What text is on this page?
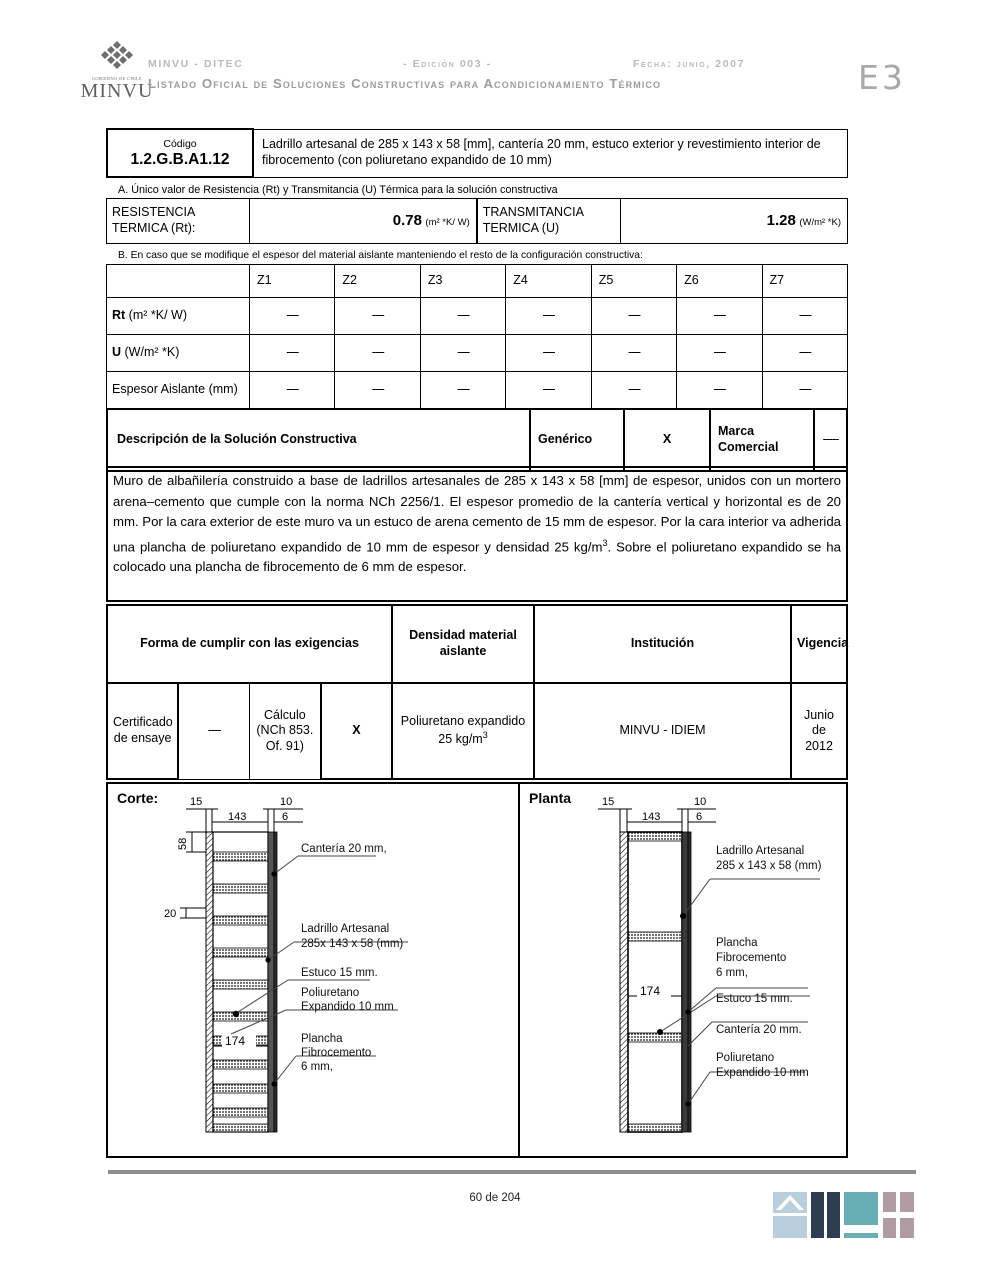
GOBIERNO DE CHILE
MINVU
MINVU - DITEC	- Edición 003 -	Fecha: junio, 2007
Listado Oficial de Soluciones Constructivas para Acondicionamiento Térmico	E3
Código
1.2.G.B.A1.12
	Ladrillo artesanal de 285 x 143 x 58 [mm], cantería 20 mm, estuco exterior y revestimiento interior de fibrocemento (con poliuretano expandido de 10 mm)
A. Único valor de Resistencia (Rt) y Transmitancia (U) Térmica para la solución constructiva
RESISTENCIA TERMICA (Rt):	0.78 (m² *K/ W)	TRANSMITANCIA TERMICA (U)	1.28 (W/m² *K)
B. En caso que se modifique el espesor del material aislante manteniendo el resto de la configuración constructiva:
	Z1	Z2	Z3	Z4	Z5	Z6	Z7
Rt (m² *K/ W)	----	----	----	----	----	----	----
U (W/m² *K)	----	----	----	----	----	----	----
Espesor Aislante (mm)	----	----	----	----	----	----	----
Descripción de la Solución Constructiva	Genérico	X	Marca Comercial	-----

Muro de albañilería construido a base de ladrillos artesanales de 285 x 143 x 58 [mm] de espesor, unidos con un mortero arena–cemento que cumple con la norma NCh 2256/1. El espesor promedio de la cantería vertical y horizontal es de 20 mm. Por la cara exterior de este muro va un estuco de arena cemento de 15 mm de espesor. Por la cara interior va adherida una plancha de poliuretano expandido de 10 mm de espesor y densidad 25 $kg/m^3$. Sobre el poliuretano expandido se ha colocado una plancha de fibrocemento de 6 mm de espesor.

Forma de cumplir con las exigencias				Densidad material aislante	Institución	Vigencia
Certificado de ensaye	----	Cálculo (NCh 853. Of. 91)	X	Poliuretano expandido 25 $kg/m^3$	MINVU - IDIEM	Junio de 2012
Corte:	15
143
10
6
58
20
174
Cantería 20 mm,
Ladrillo Artesanal
285x 143 x 58 (mm)
Estuco 15 mm.
Poliuretano
Expandido 10 mm
Plancha
Fibrocemento
6 mm,

Planta	15
143
10
6
174
Ladrillo Artesanal
285 x 143 x 58 (mm)
Plancha
Fibrocemento
6 mm,
Estuco 15 mm.
Cantería 20 mm.
Poliuretano
Expandido 10 mm
60 de 204
